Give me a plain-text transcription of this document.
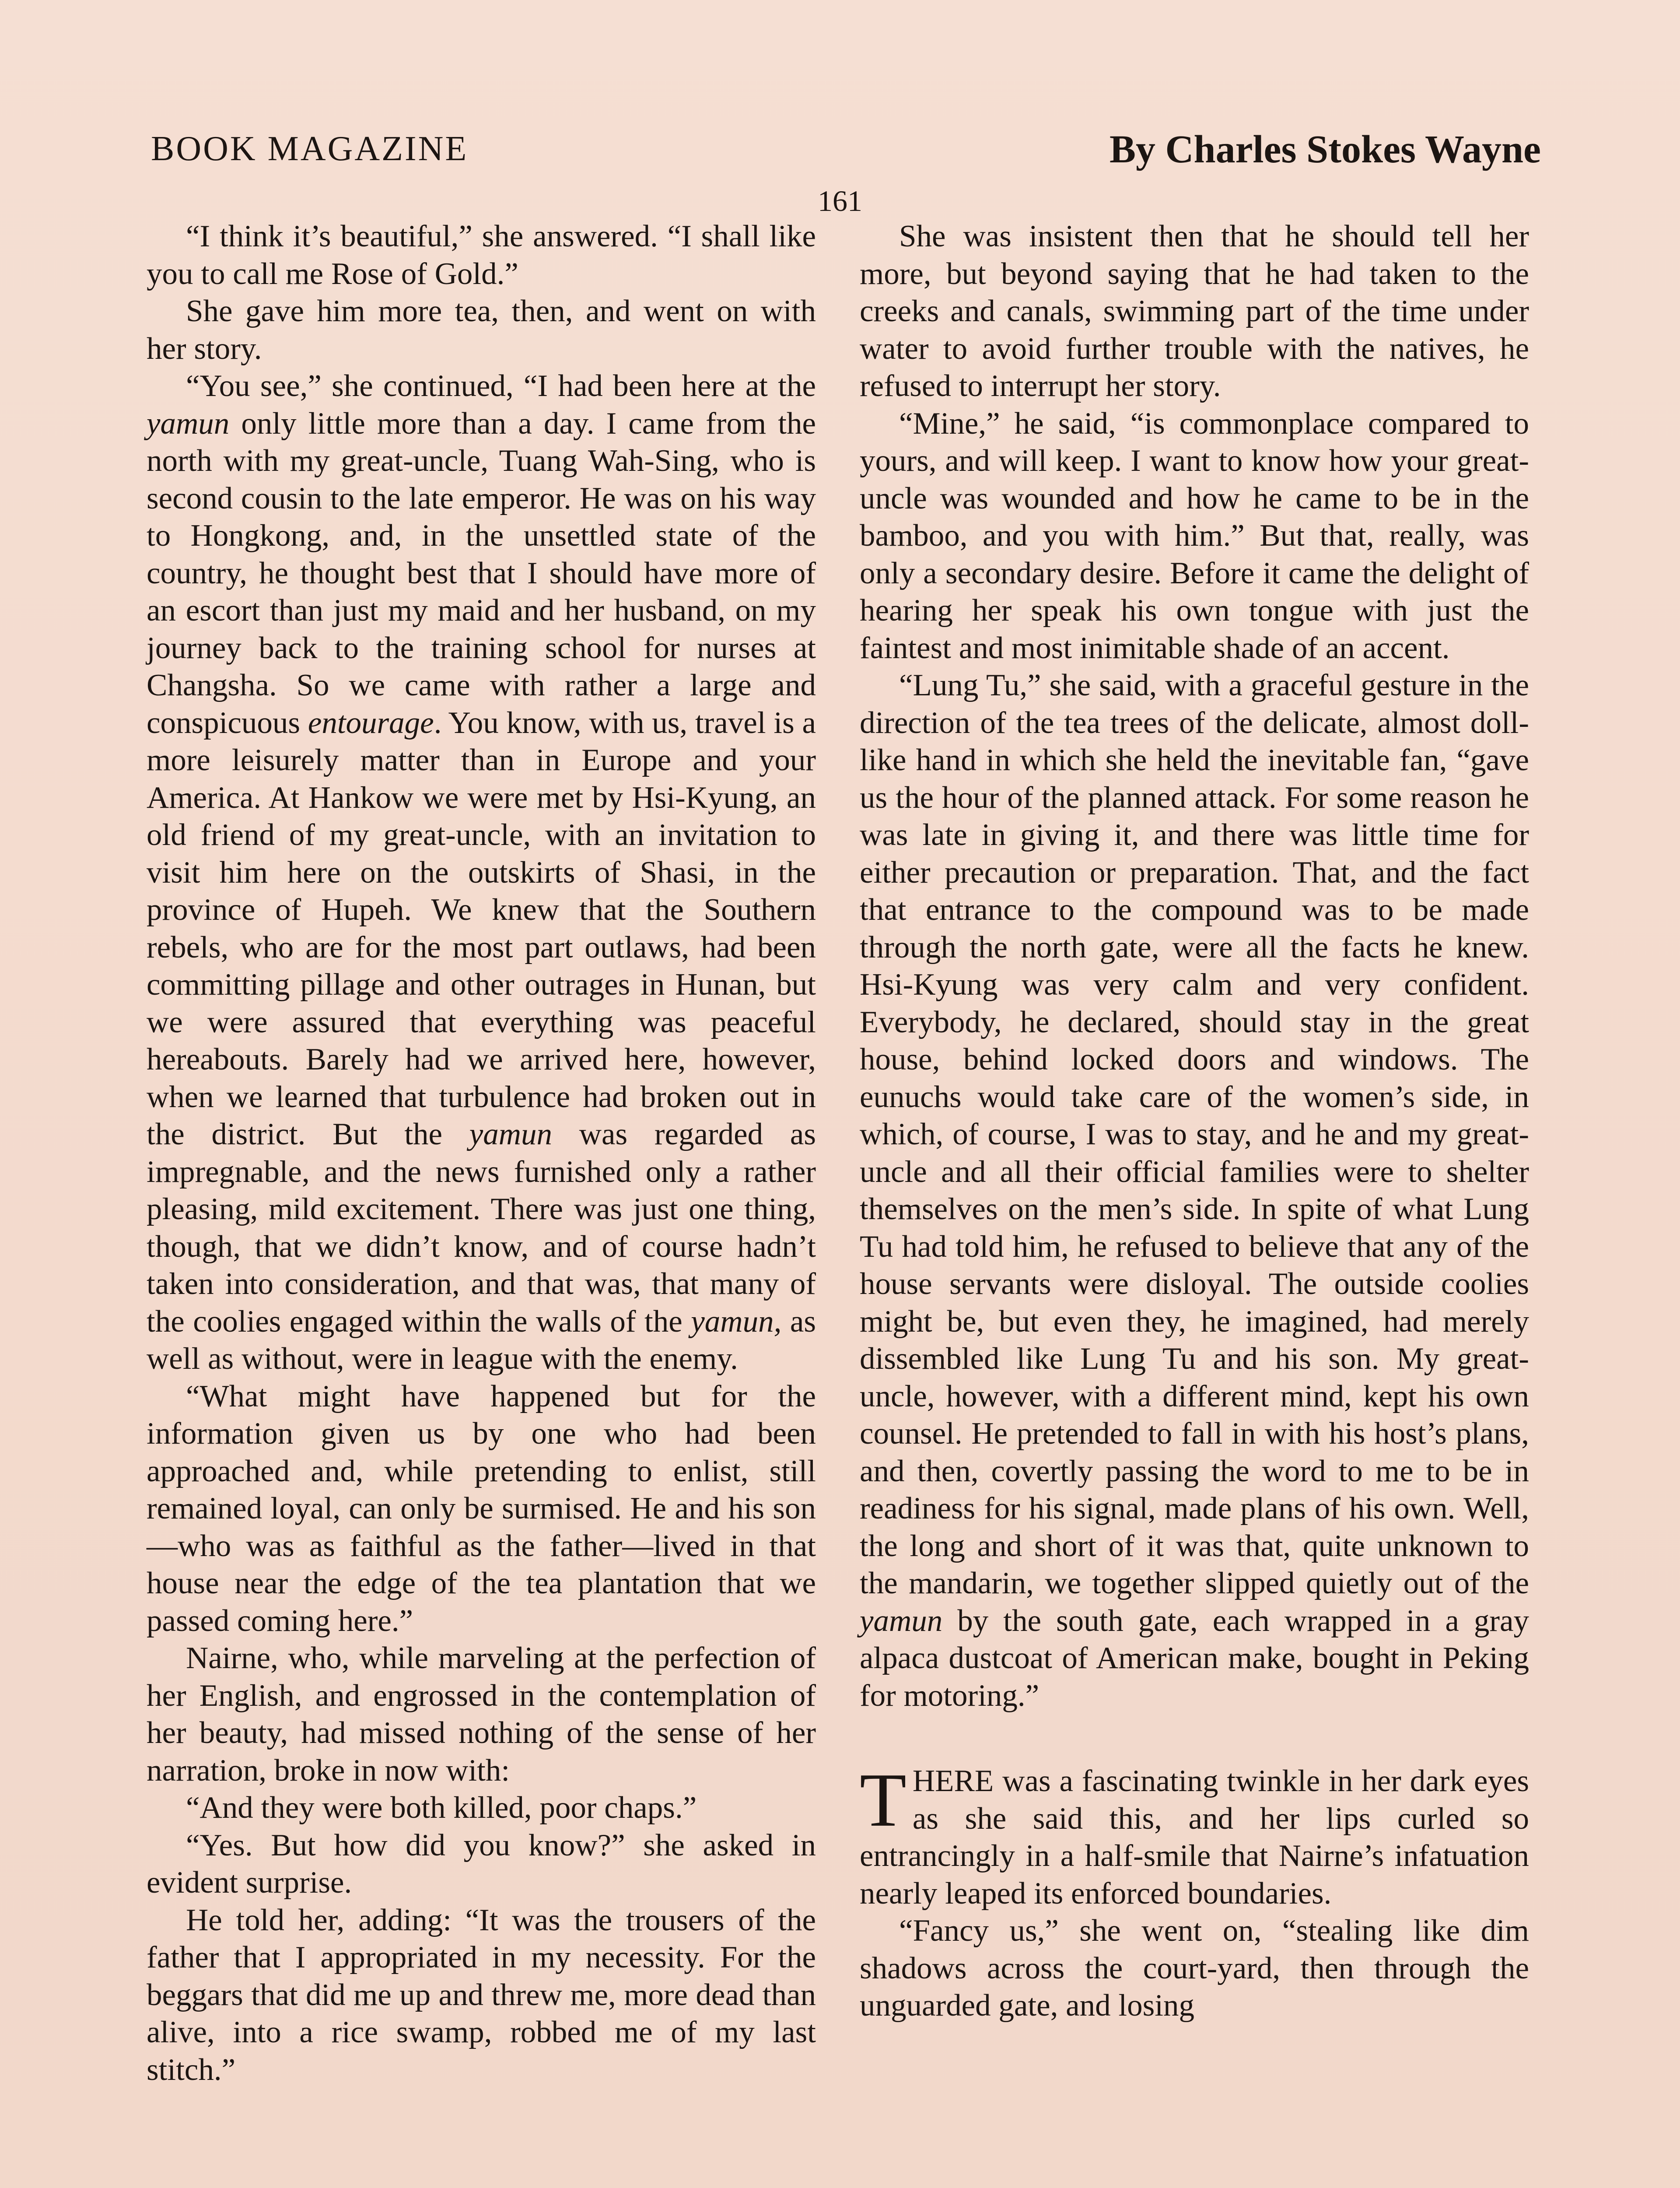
BOOK MAGAZINE	By Charles Stokes Wayne
161

“I think it’s beautiful,” she answered. “I shall like you to call me Rose of Gold.”

She gave him more tea, then, and went on with her story.

“You see,” she continued, “I had been here at the yamun only little more than a day. I came from the north with my great-uncle, Tuang Wah-Sing, who is second cousin to the late emperor. He was on his way to Hongkong, and, in the unsettled state of the country, he thought best that I should have more of an escort than just my maid and her husband, on my journey back to the training school for nurses at Changsha. So we came with rather a large and conspicuous entourage. You know, with us, travel is a more leisurely matter than in Europe and your America. At Hankow we were met by Hsi-Kyung, an old friend of my great-uncle, with an invitation to visit him here on the outskirts of Shasi, in the province of Hupeh. We knew that the Southern rebels, who are for the most part outlaws, had been committing pillage and other outrages in Hunan, but we were assured that everything was peaceful hereabouts. Barely had we arrived here, however, when we learned that turbulence had broken out in the district. But the yamun was regarded as impregnable, and the news furnished only a rather pleasing, mild excitement. There was just one thing, though, that we didn’t know, and of course hadn’t taken into consideration, and that was, that many of the coolies engaged within the walls of the yamun, as well as without, were in league with the enemy.

“What might have happened but for the information given us by one who had been approached and, while pretending to enlist, still remained loyal, can only be surmised. He and his son—who was as faithful as the father—lived in that house near the edge of the tea plantation that we passed coming here.”

Nairne, who, while marveling at the perfection of her English, and engrossed in the contemplation of her beauty, had missed nothing of the sense of her narration, broke in now with:

“And they were both killed, poor chaps.”

“Yes. But how did you know?” she asked in evident surprise.

He told her, adding: “It was the trousers of the father that I appropriated in my necessity. For the beggars that did me up and threw me, more dead than alive, into a rice swamp, robbed me of my last stitch.”

She was insistent then that he should tell her more, but beyond saying that he had taken to the creeks and canals, swimming part of the time under water to avoid further trouble with the natives, he refused to interrupt her story.

“Mine,” he said, “is commonplace compared to yours, and will keep. I want to know how your great-uncle was wounded and how he came to be in the bamboo, and you with him.” But that, really, was only a secondary desire. Before it came the delight of hearing her speak his own tongue with just the faintest and most inimitable shade of an accent.

“Lung Tu,” she said, with a graceful gesture in the direction of the tea trees of the delicate, almost doll-like hand in which she held the inevitable fan, “gave us the hour of the planned attack. For some reason he was late in giving it, and there was little time for either precaution or preparation. That, and the fact that entrance to the compound was to be made through the north gate, were all the facts he knew. Hsi-Kyung was very calm and very confident. Everybody, he declared, should stay in the great house, behind locked doors and windows. The eunuchs would take care of the women’s side, in which, of course, I was to stay, and he and my great-uncle and all their official families were to shelter themselves on the men’s side. In spite of what Lung Tu had told him, he refused to believe that any of the house servants were disloyal. The outside coolies might be, but even they, he imagined, had merely dissembled like Lung Tu and his son. My great-uncle, however, with a different mind, kept his own counsel. He pretended to fall in with his host’s plans, and then, covertly passing the word to me to be in readiness for his signal, made plans of his own. Well, the long and short of it was that, quite unknown to the mandarin, we together slipped quietly out of the yamun by the south gate, each wrapped in a gray alpaca dustcoat of American make, bought in Peking for motoring.”

THERE was a fascinating twinkle in her dark eyes as she said this, and her lips curled so entrancingly in a half-smile that Nairne’s infatuation nearly leaped its enforced boundaries.

“Fancy us,” she went on, “stealing like dim shadows across the court-yard, then through the unguarded gate, and losing
